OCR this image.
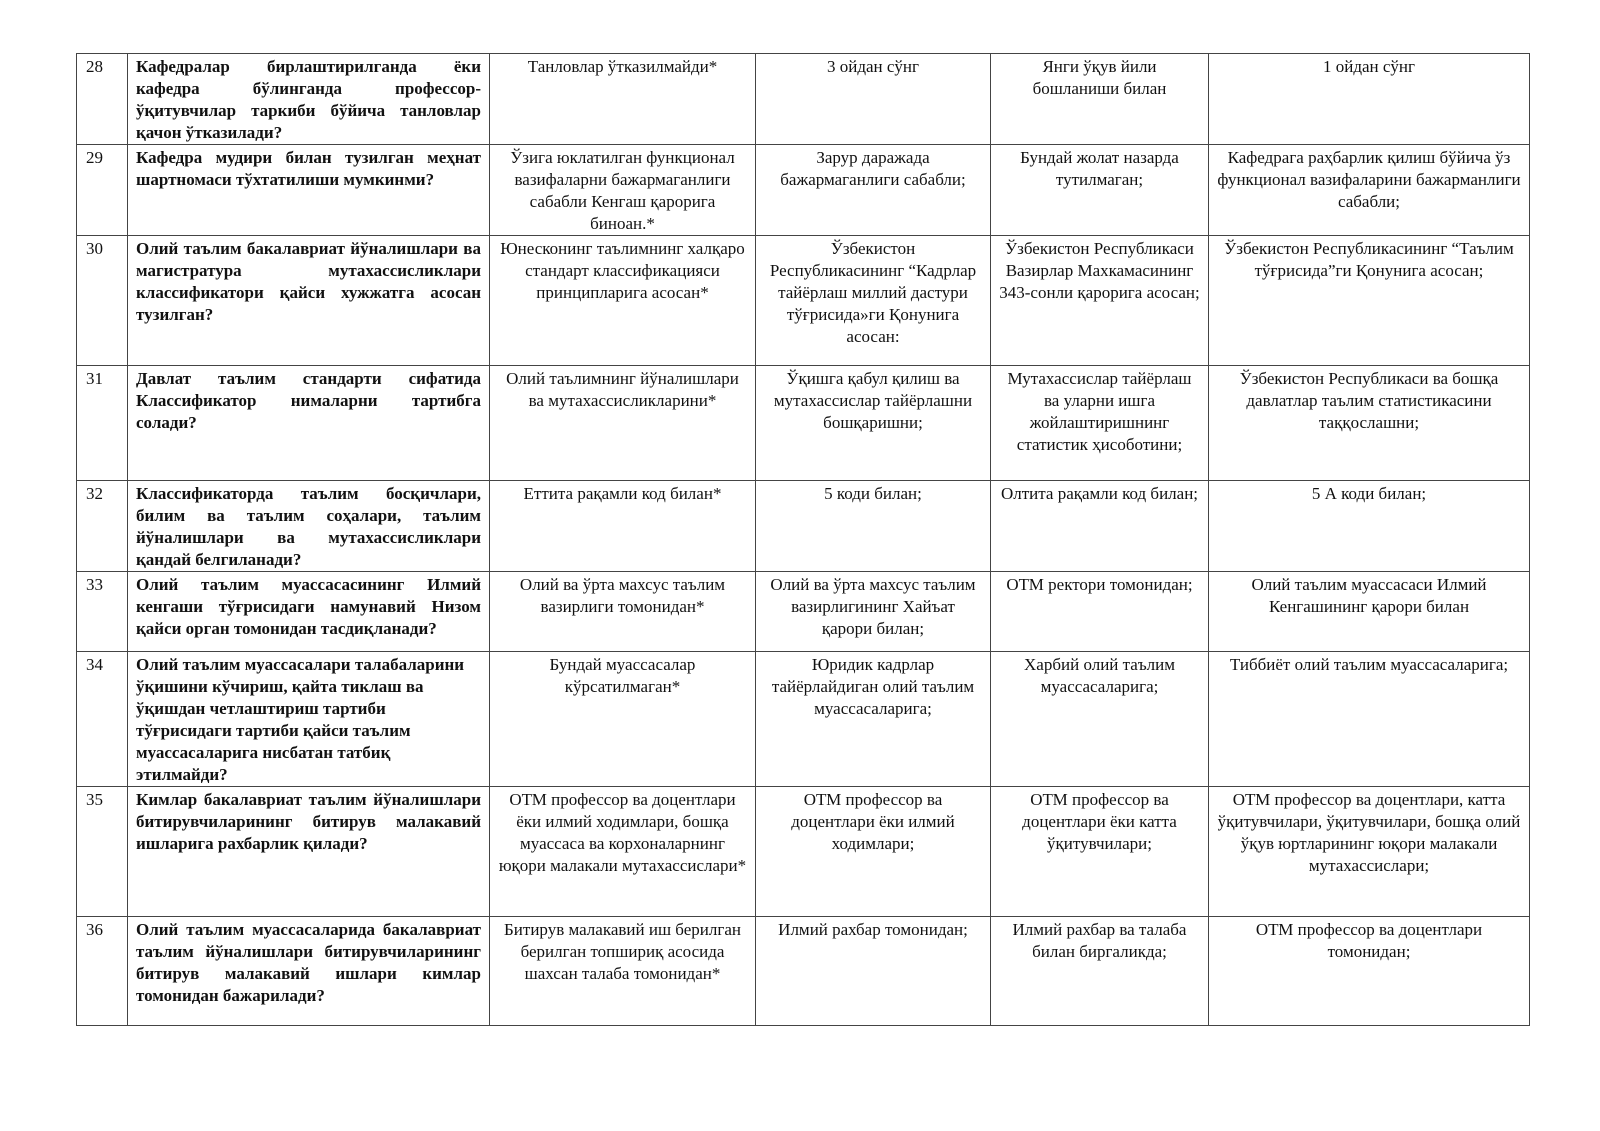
28	Кафедралар бирлаштирилганда ёки кафедра бўлинганда профессор-ўқитувчилар таркиби бўйича танловлар қачон ўтказилади?	Танловлар ўтказилмайди*	3 ойдан сўнг	Янги ўқув йили бошланиши билан	1 ойдан сўнг
29	Кафедра мудири билан тузилган меҳнат шартномаси тўхтатилиши мумкинми?	Ўзига юклатилган функционал вазифаларни бажармаганлиги сабабли Кенгаш қарорига биноан.*	Зарур даражада бажармаганлиги сабабли;	Бундай жолат назарда тутилмаган;	Кафедрага раҳбарлик қилиш бўйича ўз функционал вазифаларини бажарманлиги сабабли;
30	Олий таълим бакалавриат йўналишлари ва магистратура мутахассисликлари классификатори қайси хужжатга асосан тузилган?	Юнесконинг таълимнинг халқаро стандарт классификацияси принципларига асосан*	Ўзбекистон Республикасининг “Кадрлар тайёрлаш миллий дастури тўғрисида»ги Қонунига асосан:	Ўзбекистон Республикаси Вазирлар Махкамасининг 343-сонли қарорига асосан;	Ўзбекистон Республикасининг “Таълим тўғрисида”ги Қонунига асосан;
31	Давлат таълим стандарти сифатида Классификатор нималарни тартибга солади?	Олий таълимнинг йўналишлари ва мутахассисликларини*	Ўқишга қабул қилиш ва мутахассислар тайёрлашни бошқаришни;	Мутахассислар тайёрлаш ва уларни ишга жойлаштиришнинг статистик ҳисоботини;	Ўзбекистон Республикаси ва бошқа давлатлар таълим статистикасини таққослашни;
32	Классификаторда таълим босқичлари, билим ва таълим соҳалари, таълим йўналишлари ва мутахассисликлари қандай белгиланади?	Еттита рақамли код билан*	5 коди билан;	Олтита рақамли код билан;	5 А коди билан;
33	Олий таълим муассасасининг Илмий кенгаши тўғрисидаги намунавий Низом қайси орган томонидан тасдиқланади?	Олий ва ўрта махсус таълим вазирлиги томонидан*	Олий ва ўрта махсус таълим вазирлигининг Хайъат қарори билан;	ОТМ ректори томонидан;	Олий таълим муассасаси Илмий Кенгашининг қарори билан
34	Олий таълим муассасалари талабаларини ўқишини кўчириш, қайта тиклаш ва ўқишдан четлаштириш тартиби тўғрисидаги тартиби қайси таълим муассасаларига нисбатан татбиқ этилмайди?	Бундай муассасалар кўрсатилмаган*	Юридик кадрлар тайёрлайдиган олий таълим муассасаларига;	Харбий олий таълим муассасаларига;	Тиббиёт олий таълим муассасаларига;
35	Кимлар бакалавриат таълим йўналишлари битирувчиларининг битирув малакавий ишларига рахбарлик қилади?	ОТМ профессор ва доцентлари ёки илмий ходимлари, бошқа муассаса ва корхоналарнинг юқори малакали мутахассислари*	ОТМ профессор ва доцентлари ёки илмий ходимлари;	ОТМ профессор ва доцентлари ёки катта ўқитувчилари;	ОТМ профессор ва доцентлари, катта ўқитувчилари, ўқитувчилари, бошқа олий ўқув юртларининг юқори малакали мутахассислари;
36	Олий таълим муассасаларида бакалавриат таълим йўналишлари битирувчиларининг битирув малакавий ишлари кимлар томонидан бажарилади?	Битирув малакавий иш берилган берилган топшириқ асосида шахсан талаба томонидан*	Илмий рахбар томонидан;	Илмий рахбар ва талаба билан биргаликда;	ОТМ профессор ва доцентлари томонидан;
